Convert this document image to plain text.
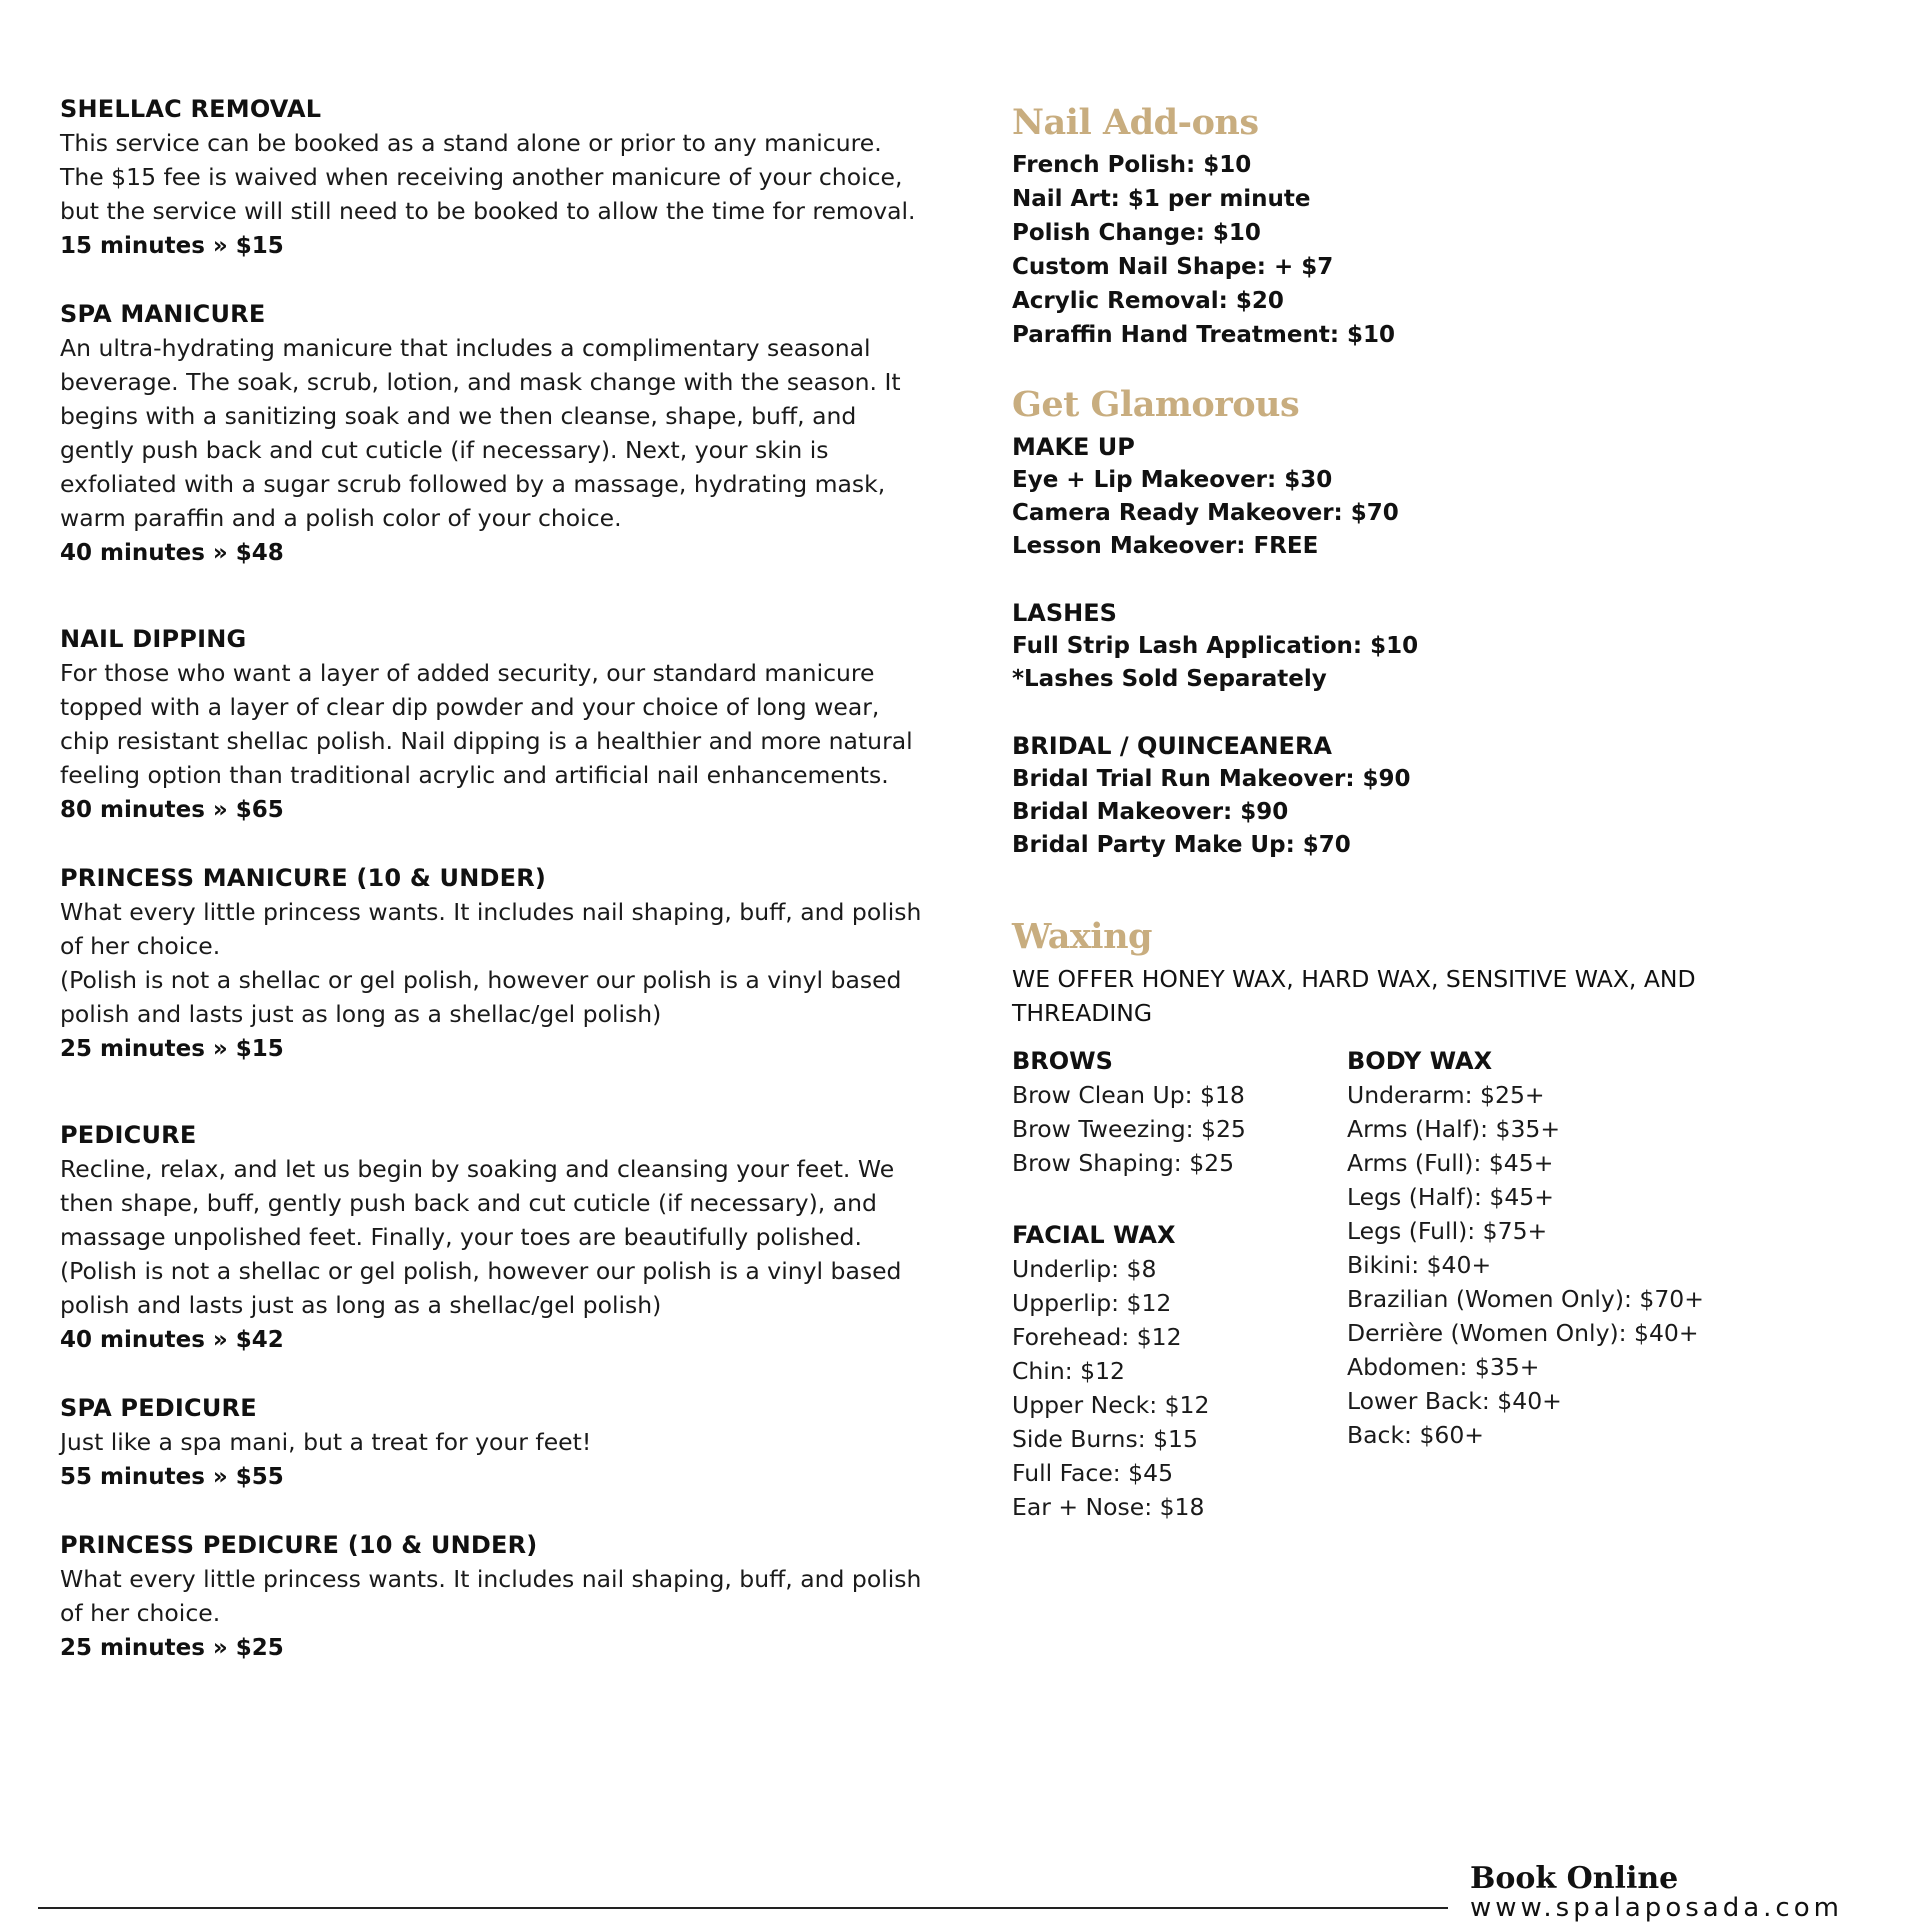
SHELLAC REMOVAL

This service can be booked as a stand alone or prior to any manicure.

The $15 fee is waived when receiving another manicure of your choice,

but the service will still need to be booked to allow the time for removal.

15 minutes » $15

SPA MANICURE

An ultra-hydrating manicure that includes a complimentary seasonal

beverage. The soak, scrub, lotion, and mask change with the season. It

begins with a sanitizing soak and we then cleanse, shape, buff, and

gently push back and cut cuticle (if necessary). Next, your skin is

exfoliated with a sugar scrub followed by a massage, hydrating mask,

warm paraffin and a polish color of your choice.

40 minutes » $48

NAIL DIPPING

For those who want a layer of added security, our standard manicure

topped with a layer of clear dip powder and your choice of long wear,

chip resistant shellac polish. Nail dipping is a healthier and more natural

feeling option than traditional acrylic and artificial nail enhancements.

80 minutes » $65

PRINCESS MANICURE (10 & UNDER)

What every little princess wants. It includes nail shaping, buff, and polish

of her choice.

(Polish is not a shellac or gel polish, however our polish is a vinyl based

polish and lasts just as long as a shellac/gel polish)

25 minutes » $15

PEDICURE

Recline, relax, and let us begin by soaking and cleansing your feet. We

then shape, buff, gently push back and cut cuticle (if necessary), and

massage unpolished feet. Finally, your toes are beautifully polished.

(Polish is not a shellac or gel polish, however our polish is a vinyl based

polish and lasts just as long as a shellac/gel polish)

40 minutes » $42

SPA PEDICURE

Just like a spa mani, but a treat for your feet!

55 minutes » $55

PRINCESS PEDICURE (10 & UNDER)

What every little princess wants. It includes nail shaping, buff, and polish

of her choice.

25 minutes » $25

Nail Add-ons
French Polish: $10
Nail Art: $1 per minute
Polish Change: $10
Custom Nail Shape: + $7
Acrylic Removal: $20
Paraffin Hand Treatment: $10
Get Glamorous

MAKE UP

Eye + Lip Makeover: $30
Camera Ready Makeover: $70
Lesson Makeover: FREE

LASHES

Full Strip Lash Application: $10
*Lashes Sold Separately

BRIDAL / QUINCEANERA

Bridal Trial Run Makeover: $90
Bridal Makeover: $90
Bridal Party Make Up: $70
Waxing

WE OFFER HONEY WAX, HARD WAX, SENSITIVE WAX, AND

THREADING

BROWS

Brow Clean Up: $18
Brow Tweezing: $25
Brow Shaping: $25

FACIAL WAX

Underlip: $8
Upperlip: $12
Forehead: $12
Chin: $12
Upper Neck: $12
Side Burns: $15
Full Face: $45
Ear + Nose: $18

BODY WAX

Underarm: $25+
Arms (Half): $35+
Arms (Full): $45+
Legs (Half): $45+
Legs (Full): $75+
Bikini: $40+
Brazilian (Women Only): $70+
Derrière (Women Only): $40+
Abdomen: $35+
Lower Back: $40+
Back: $60+
Book Online
www.spalaposada.com
